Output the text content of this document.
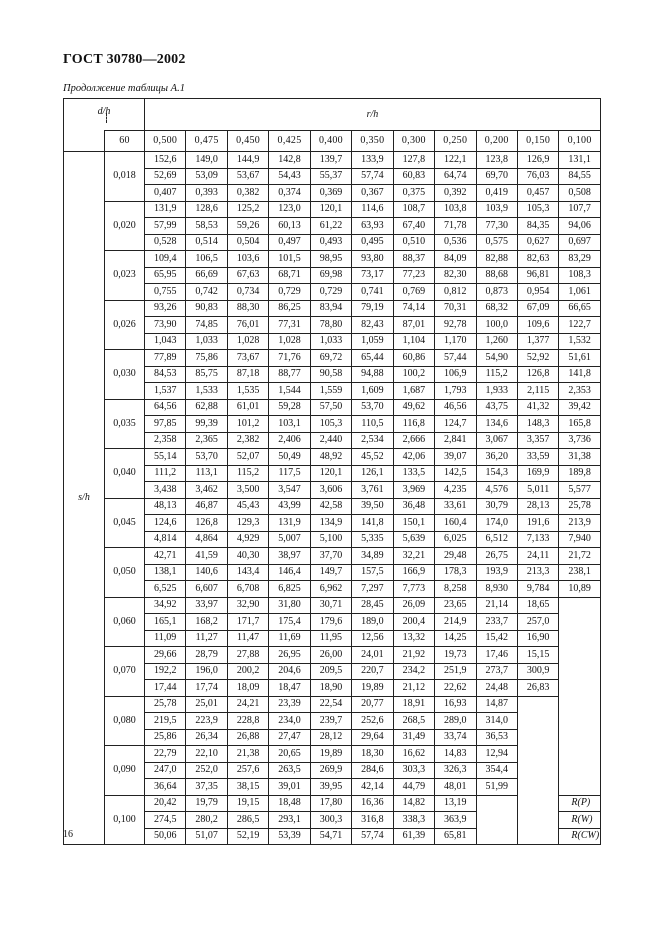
ГОСТ 30780—2002
Продолжение таблицы А.1
d/h		r/h										
	60	0,500	0,475	0,450	0,425	0,400	0,350	0,300	0,250	0,200	0,150	0,100
s/h	0,018	152,6	149,0	144,9	142,8	139,7	133,9	127,8	122,1	123,8	126,9	131,1
		52,69	53,09	53,67	54,43	55,37	57,74	60,83	64,74	69,70	76,03	84,55
		0,407	0,393	0,382	0,374	0,369	0,367	0,375	0,392	0,419	0,457	0,508
	0,020	131,9	128,6	125,2	123,0	120,1	114,6	108,7	103,8	103,9	105,3	107,7
		57,99	58,53	59,26	60,13	61,22	63,93	67,40	71,78	77,30	84,35	94,06
		0,528	0,514	0,504	0,497	0,493	0,495	0,510	0,536	0,575	0,627	0,697
	0,023	109,4	106,5	103,6	101,5	98,95	93,80	88,37	84,09	82,88	82,63	83,29
		65,95	66,69	67,63	68,71	69,98	73,17	77,23	82,30	88,68	96,81	108,3
		0,755	0,742	0,734	0,729	0,729	0,741	0,769	0,812	0,873	0,954	1,061
	0,026	93,26	90,83	88,30	86,25	83,94	79,19	74,14	70,31	68,32	67,09	66,65
		73,90	74,85	76,01	77,31	78,80	82,43	87,01	92,78	100,0	109,6	122,7
		1,043	1,033	1,028	1,028	1,033	1,059	1,104	1,170	1,260	1,377	1,532
	0,030	77,89	75,86	73,67	71,76	69,72	65,44	60,86	57,44	54,90	52,92	51,61
		84,53	85,75	87,18	88,77	90,58	94,88	100,2	106,9	115,2	126,8	141,8
		1,537	1,533	1,535	1,544	1,559	1,609	1,687	1,793	1,933	2,115	2,353
	0,035	64,56	62,88	61,01	59,28	57,50	53,70	49,62	46,56	43,75	41,32	39,42
		97,85	99,39	101,2	103,1	105,3	110,5	116,8	124,7	134,6	148,3	165,8
		2,358	2,365	2,382	2,406	2,440	2,534	2,666	2,841	3,067	3,357	3,736
	0,040	55,14	53,70	52,07	50,49	48,92	45,52	42,06	39,07	36,20	33,59	31,38
		111,2	113,1	115,2	117,5	120,1	126,1	133,5	142,5	154,3	169,9	189,8
		3,438	3,462	3,500	3,547	3,606	3,761	3,969	4,235	4,576	5,011	5,577
	0,045	48,13	46,87	45,43	43,99	42,58	39,50	36,48	33,61	30,79	28,13	25,78
		124,6	126,8	129,3	131,9	134,9	141,8	150,1	160,4	174,0	191,6	213,9
		4,814	4,864	4,929	5,007	5,100	5,335	5,639	6,025	6,512	7,133	7,940
	0,050	42,71	41,59	40,30	38,97	37,70	34,89	32,21	29,48	26,75	24,11	21,72
		138,1	140,6	143,4	146,4	149,7	157,5	166,9	178,3	193,9	213,3	238,1
		6,525	6,607	6,708	6,825	6,962	7,297	7,773	8,258	8,930	9,784	10,89
	0,060	34,92	33,97	32,90	31,80	30,71	28,45	26,09	23,65	21,14	18,65	
		165,1	168,2	171,7	175,4	179,6	189,0	200,4	214,9	233,7	257,0	
		11,09	11,27	11,47	11,69	11,95	12,56	13,32	14,25	15,42	16,90	
	0,070	29,66	28,79	27,88	26,95	26,00	24,01	21,92	19,73	17,46	15,15	
		192,2	196,0	200,2	204,6	209,5	220,7	234,2	251,9	273,7	300,9	
		17,44	17,74	18,09	18,47	18,90	19,89	21,12	22,62	24,48	26,83	
	0,080	25,78	25,01	24,21	23,39	22,54	20,77	18,91	16,93	14,87		
		219,5	223,9	228,8	234,0	239,7	252,6	268,5	289,0	314,0		
		25,86	26,34	26,88	27,47	28,12	29,64	31,49	33,74	36,53		
	0,090	22,79	22,10	21,38	20,65	19,89	18,30	16,62	14,83	12,94		
		247,0	252,0	257,6	263,5	269,9	284,6	303,3	326,3	354,4		
		36,64	37,35	38,15	39,01	39,95	42,14	44,79	48,01	51,99		
	0,100	20,42	19,79	19,15	18,48	17,80	16,36	14,82	13,19			R(P)
		274,5	280,2	286,5	293,1	300,3	316,8	338,3	363,9			R(W)
		50,06	51,07	52,19	53,39	54,71	57,74	61,39	65,81			R(CW)
16
